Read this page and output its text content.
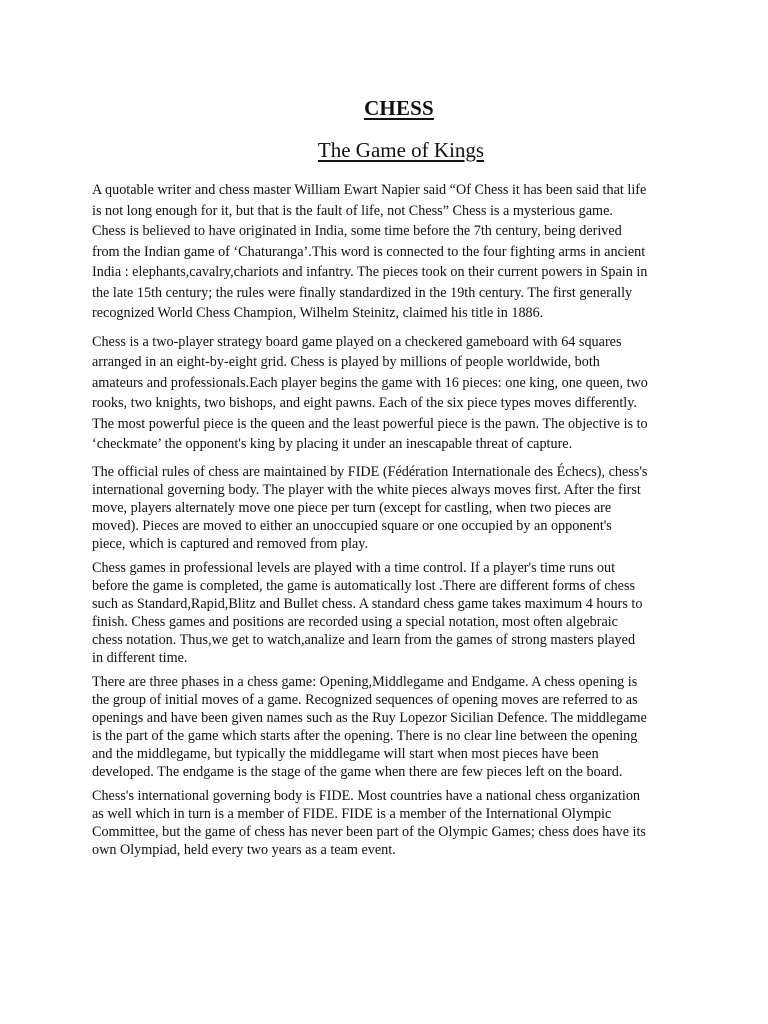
CHESS
The Game of Kings

A quotable writer and chess master William Ewart Napier said “Of Chess it has been said that life is not long enough for it, but that is the fault of life, not Chess” Chess is a mysterious game. Chess is believed to have originated in India, some time before the 7th century, being derived from the Indian game of ‘Chaturanga’.This word is connected to the four fighting arms in ancient India : elephants,cavalry,chariots and infantry. The pieces took on their current powers in Spain in the late 15th century; the rules were finally standardized in the 19th century. The first generally recognized World Chess Champion, Wilhelm Steinitz, claimed his title in 1886.

Chess is a two-player strategy board game played on a checkered gameboard with 64 squares arranged in an eight-by-eight grid. Chess is played by millions of people worldwide, both amateurs and professionals.Each player begins the game with 16 pieces: one king, one queen, two rooks, two knights, two bishops, and eight pawns. Each of the six piece types moves differently. The most powerful piece is the queen and the least powerful piece is the pawn. The objective is to ‘checkmate’ the opponent's king by placing it under an inescapable threat of capture.

The official rules of chess are maintained by FIDE (Fédération Internationale des Échecs), chess's international governing body. The player with the white pieces always moves first. After the first move, players alternately move one piece per turn (except for castling, when two pieces are moved). Pieces are moved to either an unoccupied square or one occupied by an opponent's piece, which is captured and removed from play.

Chess games in professional levels are played with a time control. If a player's time runs out before the game is completed, the game is automatically lost .There are different forms of chess such as Standard,Rapid,Blitz and Bullet chess. A standard chess game takes maximum 4 hours to finish. Chess games and positions are recorded using a special notation, most often algebraic chess notation. Thus,we get to watch,analize and learn from the games of strong masters played in different time.

There are three phases in a chess game: Opening,Middlegame and Endgame. A chess opening is the group of initial moves of a game. Recognized sequences of opening moves are referred to as openings and have been given names such as the Ruy Lopezor Sicilian Defence. The middlegame is the part of the game which starts after the opening. There is no clear line between the opening and the middlegame, but typically the middlegame will start when most pieces have been developed. The endgame is the stage of the game when there are few pieces left on the board.

Chess's international governing body is FIDE. Most countries have a national chess organization as well which in turn is a member of FIDE. FIDE is a member of the International Olympic Committee, but the game of chess has never been part of the Olympic Games; chess does have its own Olympiad, held every two years as a team event.
